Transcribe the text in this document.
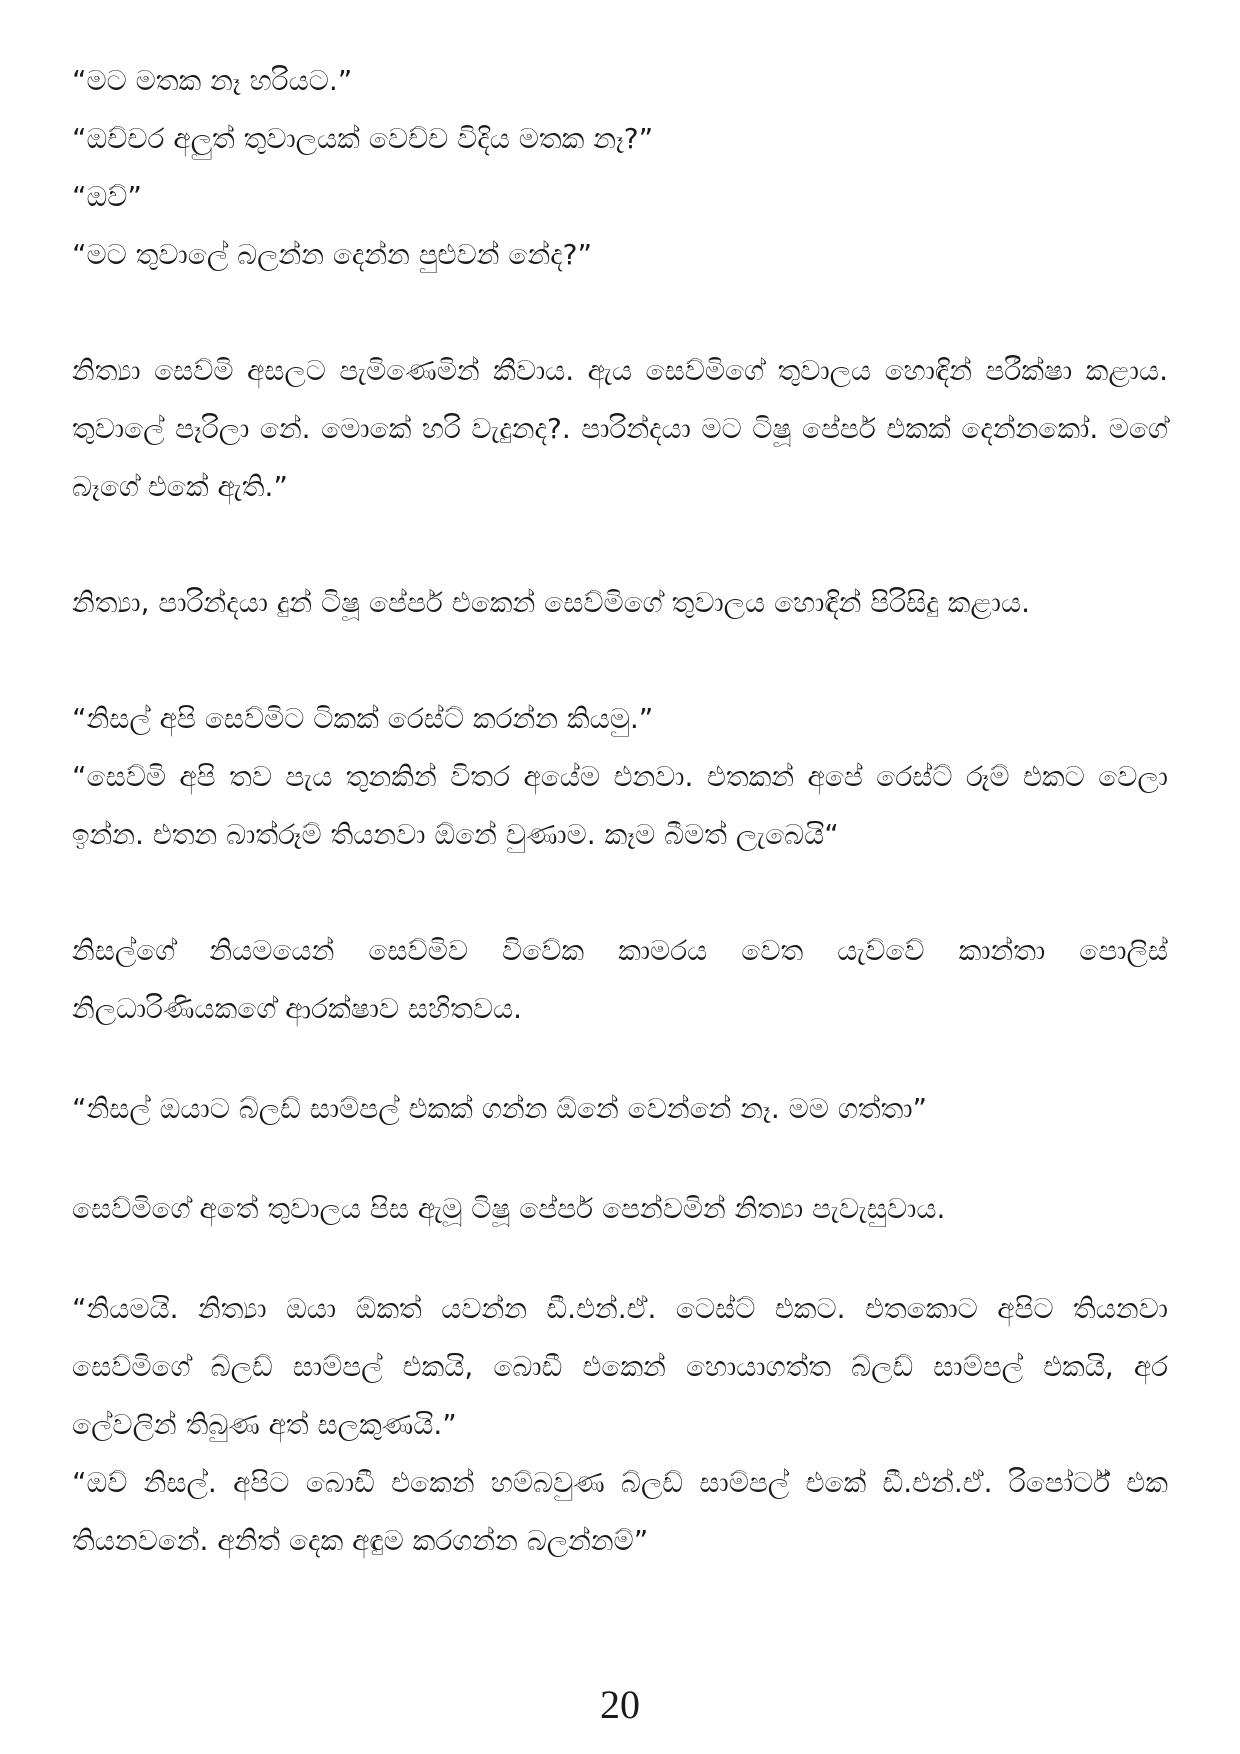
“මට මතක නෑ හරියට.”

“ඔච්චර අලුත් තුවාලයක් වෙච්ච විදිය මතක නෑ?”

“ඔව්”

“මට තුවාලේ බලන්න දෙන්න පුළුවන් නේද?”

නිත්‍යා සෙව්මි අසලට පැමිණෙමින් කීවාය. ඇය සෙව්මිගේ තුවාලය හොඳින් පරීක්ෂා කළාය. තුවාලේ පෑරිලා නේ. මොකේ හරි වැදුනද?. පාරින්දයා මට ටිෂූ පේපර් එකක් දෙන්නකෝ. මගේ බෑගේ එකේ ඇති.”

නිත්‍යා, පාරින්දයා දුන් ටිෂූ පේපර් එකෙන් සෙව්මිගේ තුවාලය හොඳින් පිරිසිදු කළාය.

“නිසල් අපි සෙව්මිට ටිකක් රෙස්ට් කරන්න කියමු.”

“සෙව්මි අපි තව පැය තුනකින් විතර අයේම එනවා. එතකන් අපේ රෙස්ට් රූම් එකට වෙලා ඉන්න. එතන බාත්රූම් තියනවා ඕනේ වුණාම. කෑම බීමත් ලැබෙයි“

නිසල්ගේ නියමයෙන් සෙව්මිව විවේක කාමරය වෙත යැව්වේ කාන්තා පොලිස් නිලධාරිණියකගේ ආරක්ෂාව සහිතවය.

“නිසල් ඔයාට බ්ලඩ් සාම්පල් එකක් ගන්න ඕනේ වෙන්නේ නෑ. මම ගත්තා”

සෙව්මිගේ අතේ තුවාලය පිස ඇමූ ටිෂූ පේපර් පෙන්වමින් නිත්‍යා පැවැසුවාය.

“නියමයි. නිත්‍යා ඔයා ඕකත් යවන්න ඩී.එන්.ඒ. ටෙස්ට් එකට. එතකොට අපිට තියනවා සෙව්මිගේ බ්ලඩ් සාම්පල් එකයි, බොඩී එකෙන් හොයාගත්ත බ්ලඩ් සාම්පල් එකයි, අර ලේවලින් තිබුණ අත් සලකුණයි.”

“ඔව් නිසල්. අපිට බොඩී එකෙන් හම්බවුණ බ්ලඩ් සාම්පල් එකේ ඩී.එන්.ඒ. රිපෝර්ට් එක තියනවනේ. අනිත් දෙක අඳුම කරගන්න බලන්නම්”

20
